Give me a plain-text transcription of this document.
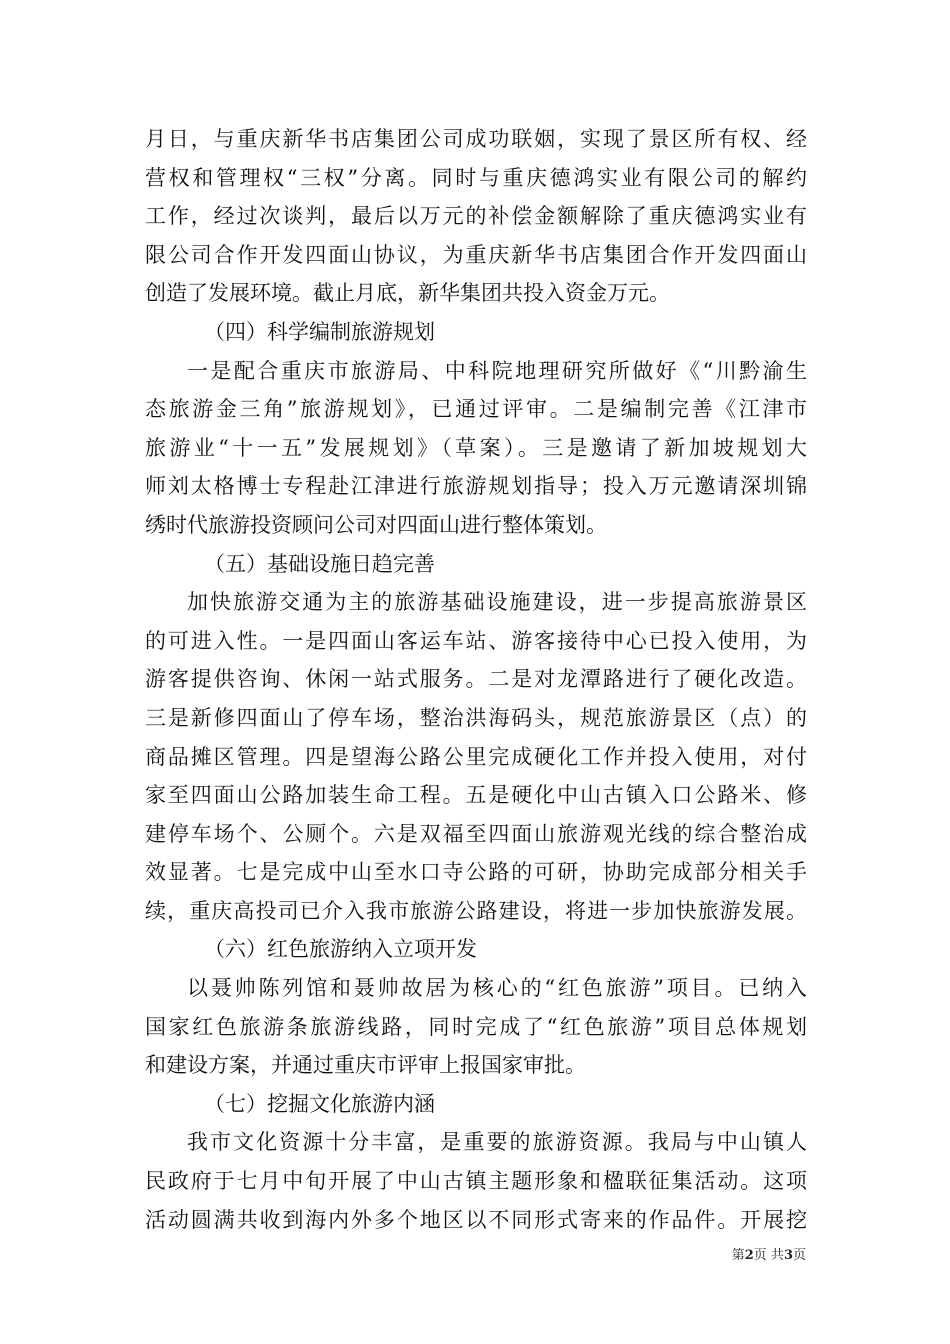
月日，与重庆新华书店集团公司成功联姻，实现了景区所有权、经
营权和管理权“三权”分离。同时与重庆德鸿实业有限公司的解约
工作，经过次谈判，最后以万元的补偿金额解除了重庆德鸿实业有
限公司合作开发四面山协议，为重庆新华书店集团合作开发四面山
创造了发展环境。截止月底，新华集团共投入资金万元。
（四）科学编制旅游规划
一是配合重庆市旅游局、中科院地理研究所做好《“川黔渝生
态旅游金三角”旅游规划》，已通过评审。二是编制完善《江津市
旅游业“十一五”发展规划》（草案）。三是邀请了新加坡规划大
师刘太格博士专程赴江津进行旅游规划指导；投入万元邀请深圳锦
绣时代旅游投资顾问公司对四面山进行整体策划。
（五）基础设施日趋完善
加快旅游交通为主的旅游基础设施建设，进一步提高旅游景区
的可进入性。一是四面山客运车站、游客接待中心已投入使用，为
游客提供咨询、休闲一站式服务。二是对龙潭路进行了硬化改造。
三是新修四面山了停车场，整治洪海码头，规范旅游景区（点）的
商品摊区管理。四是望海公路公里完成硬化工作并投入使用，对付
家至四面山公路加装生命工程。五是硬化中山古镇入口公路米、修
建停车场个、公厕个。六是双福至四面山旅游观光线的综合整治成
效显著。七是完成中山至水口寺公路的可研，协助完成部分相关手
续，重庆高投司已介入我市旅游公路建设，将进一步加快旅游发展。
（六）红色旅游纳入立项开发
以聂帅陈列馆和聂帅故居为核心的“红色旅游”项目。已纳入
国家红色旅游条旅游线路，同时完成了“红色旅游”项目总体规划
和建设方案，并通过重庆市评审上报国家审批。
（七）挖掘文化旅游内涵
我市文化资源十分丰富，是重要的旅游资源。我局与中山镇人
民政府于七月中旬开展了中山古镇主题形象和楹联征集活动。这项
活动圆满共收到海内外多个地区以不同形式寄来的作品件。开展挖
第2页 共3页
